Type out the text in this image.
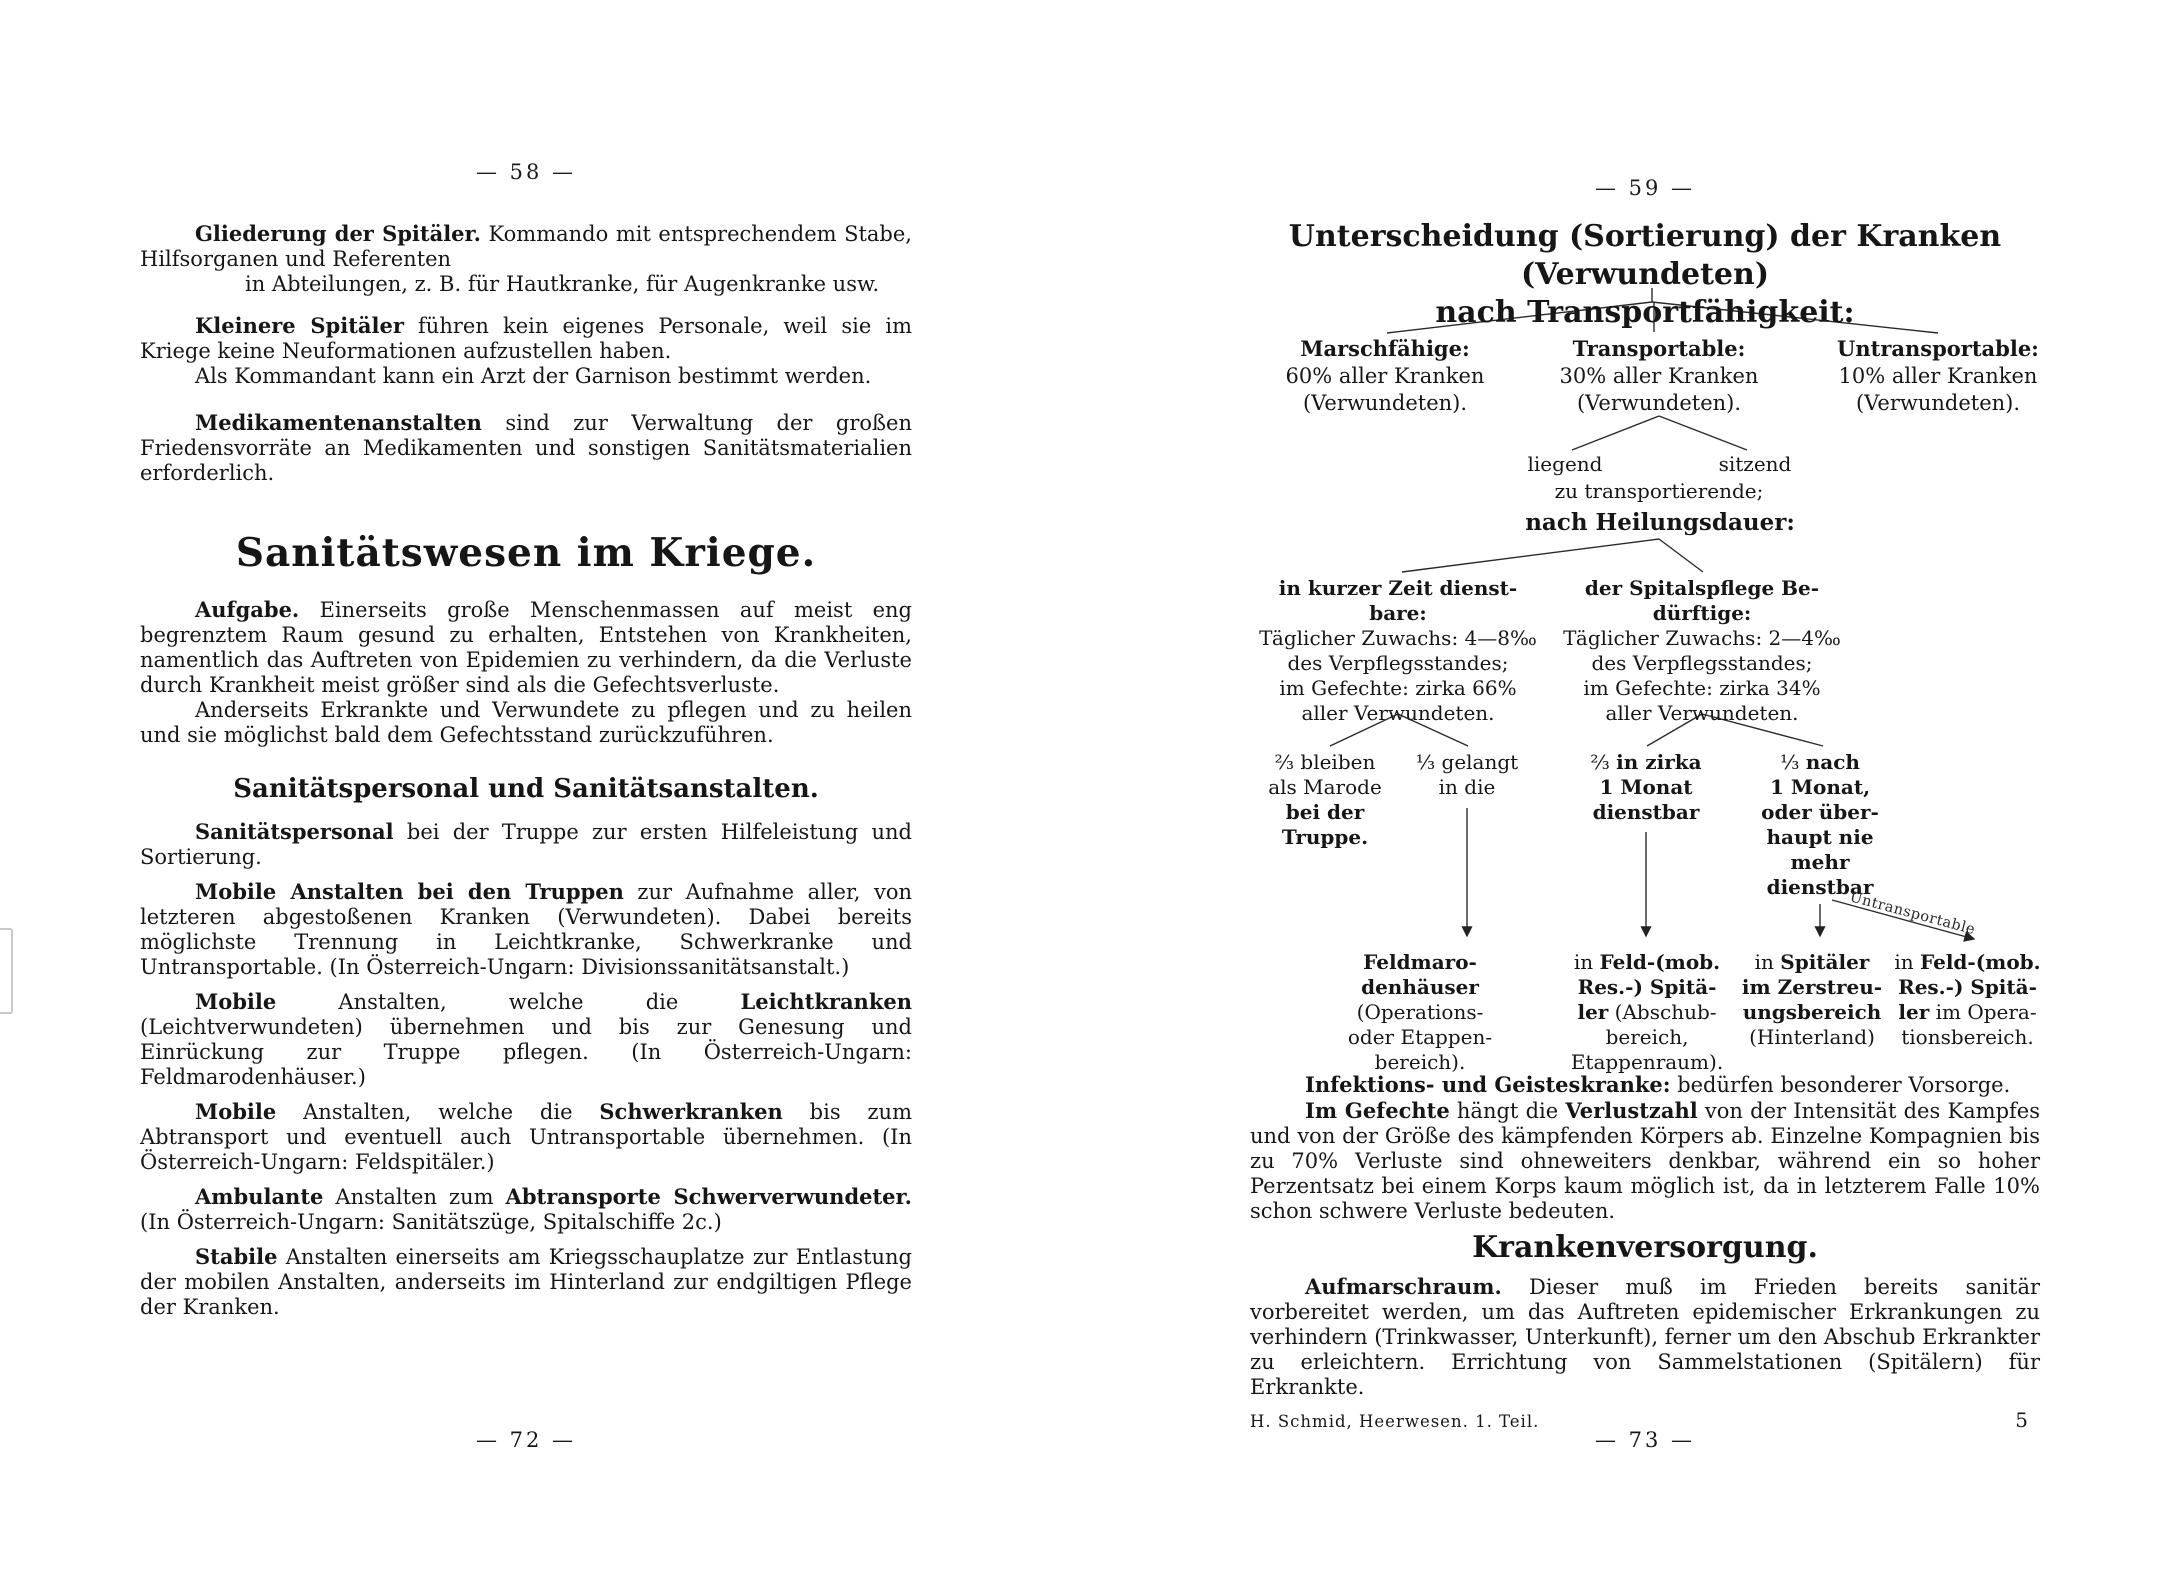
— 58 —

Gliederung der Spitäler. Kommando mit entsprechendem Stabe, Hilfsorganen und Referenten

in Abteilungen, z. B. für Hautkranke, für Augenkranke usw.

Kleinere Spitäler führen kein eigenes Personale, weil sie im Kriege keine Neuformationen aufzustellen haben.

Als Kommandant kann ein Arzt der Garnison bestimmt werden.

Medikamentenanstalten sind zur Verwaltung der großen Friedensvorräte an Medikamenten und sonstigen Sanitätsmaterialien erforderlich.

Sanitätswesen im Kriege.

Aufgabe. Einerseits große Menschenmassen auf meist eng begrenztem Raum gesund zu erhalten, Entstehen von Krankheiten, namentlich das Auftreten von Epidemien zu verhindern, da die Verluste durch Krankheit meist größer sind als die Gefechtsverluste.

Anderseits Erkrankte und Verwundete zu pflegen und zu heilen und sie möglichst bald dem Gefechtsstand zurückzuführen.

Sanitätspersonal und Sanitätsanstalten.

Sanitätspersonal bei der Truppe zur ersten Hilfeleistung und Sortierung.

Mobile Anstalten bei den Truppen zur Aufnahme aller, von letzteren abgestoßenen Kranken (Verwundeten). Dabei bereits möglichste Trennung in Leichtkranke, Schwerkranke und Untransportable. (In Österreich-Ungarn: Divisionssanitätsanstalt.)

Mobile Anstalten, welche die Leichtkranken (Leichtverwundeten) übernehmen und bis zur Genesung und Einrückung zur Truppe pflegen. (In Österreich-Ungarn: Feldmarodenhäuser.)

Mobile Anstalten, welche die Schwerkranken bis zum Abtransport und eventuell auch Untransportable übernehmen. (In Österreich-Ungarn: Feldspitäler.)

Ambulante Anstalten zum Abtransporte Schwerverwundeter. (In Österreich-Ungarn: Sanitätszüge, Spitalschiffe 2c.)

Stabile Anstalten einerseits am Kriegsschauplatze zur Entlastung der mobilen Anstalten, anderseits im Hinterland zur endgiltigen Pflege der Kranken.

— 72 —
— 59 —

Unterscheidung (Sortierung) der Kranken (Verwundeten)

nach Transportfähigkeit:

Marschfähige:
60% aller Kranken
(Verwundeten).
Transportable:
30% aller Kranken
(Verwundeten).
Untransportable:
10% aller Kranken
(Verwundeten).
liegend	sitzend
zu transportierende;
nach Heilungsdauer:
in kurzer Zeit dienst-
bare:
Täglicher Zuwachs: 4—8‰
des Verpflegsstandes;
im Gefechte: zirka 66%
aller Verwundeten.
der Spitalspflege Be-
dürftige:
Täglicher Zuwachs: 2—4‰
des Verpflegsstandes;
im Gefechte: zirka 34%
aller Verwundeten.
²⁄₃ bleiben
als Marode
bei der
Truppe.
¹⁄₃ gelangt
in die
²⁄₃ in zirka
1 Monat
dienstbar
¹⁄₃ nach
1 Monat,
oder über-
haupt nie
mehr
dienstbar
Untransportable
Feldmaro-
denhäuser
(Operations-
oder Etappen-
bereich).
in Feld-(mob.
Res.-) Spitä-
ler (Abschub-
bereich,
Etappenraum).
in Spitäler
im Zerstreu-
ungsbereich
(Hinterland)
in Feld-(mob.
Res.-) Spitä-
ler im Opera-
tionsbereich.

Infektions- und Geisteskranke: bedürfen besonderer Vorsorge.

Im Gefechte hängt die Verlustzahl von der Intensität des Kampfes und von der Größe des kämpfenden Körpers ab. Einzelne Kompagnien bis zu 70% Verluste sind ohneweiters denkbar, während ein so hoher Perzentsatz bei einem Korps kaum möglich ist, da in letzterem Falle 10% schon schwere Verluste bedeuten.

Krankenversorgung.

Aufmarschraum. Dieser muß im Frieden bereits sanitär vorbereitet werden, um das Auftreten epidemischer Erkrankungen zu verhindern (Trinkwasser, Unterkunft), ferner um den Abschub Erkrankter zu erleichtern. Errichtung von Sammelstationen (Spitälern) für Erkrankte.

H. Schmid, Heerwesen. 1. Teil.	5
— 73 —
